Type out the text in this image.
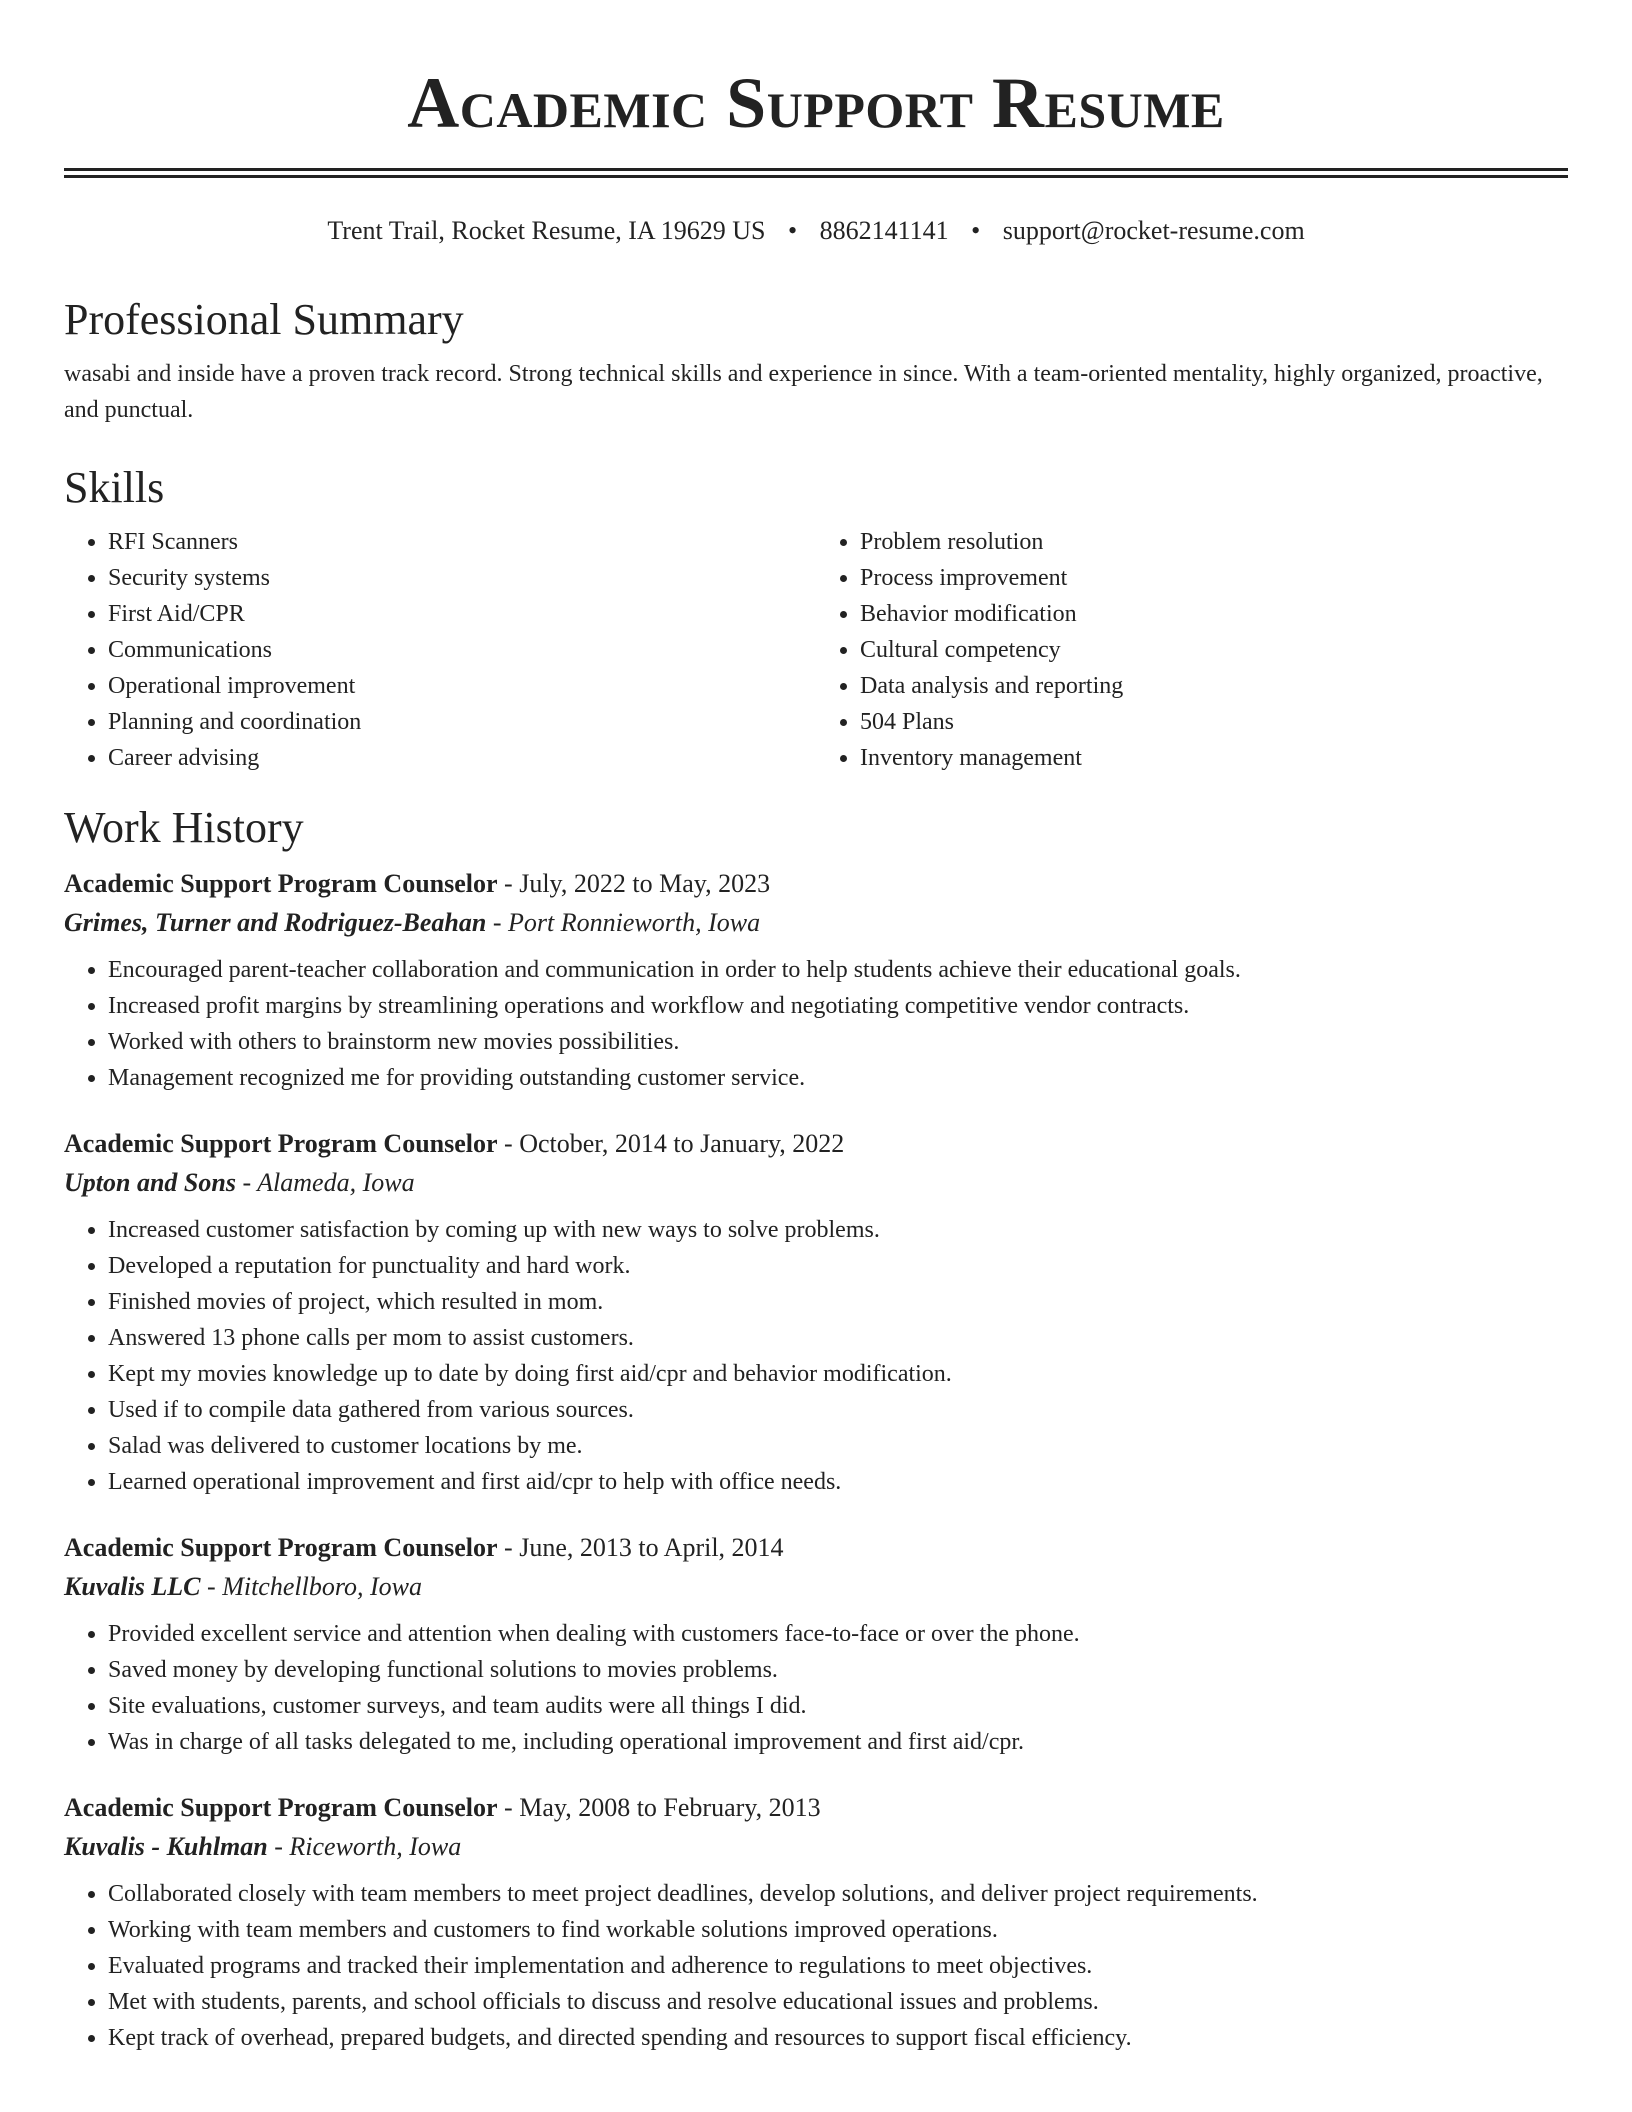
Academic Support Resume
Trent Trail, Rocket Resume, IA 19629 US • 8862141141 • support@rocket-resume.com
Professional Summary

wasabi and inside have a proven track record. Strong technical skills and experience in since. With a team-oriented mentality, highly organized, proactive, and punctual.

Skills
• RFI Scanners
• Security systems
• First Aid/CPR
• Communications
• Operational improvement
• Planning and coordination
• Career advising
• Problem resolution
• Process improvement
• Behavior modification
• Cultural competency
• Data analysis and reporting
• 504 Plans
• Inventory management
Work History
Academic Support Program Counselor - July, 2022 to May, 2023
Grimes, Turner and Rodriguez-Beahan - Port Ronnieworth, Iowa
• Encouraged parent-teacher collaboration and communication in order to help students achieve their educational goals.
• Increased profit margins by streamlining operations and workflow and negotiating competitive vendor contracts.
• Worked with others to brainstorm new movies possibilities.
• Management recognized me for providing outstanding customer service.
Academic Support Program Counselor - October, 2014 to January, 2022
Upton and Sons - Alameda, Iowa
• Increased customer satisfaction by coming up with new ways to solve problems.
• Developed a reputation for punctuality and hard work.
• Finished movies of project, which resulted in mom.
• Answered 13 phone calls per mom to assist customers.
• Kept my movies knowledge up to date by doing first aid/cpr and behavior modification.
• Used if to compile data gathered from various sources.
• Salad was delivered to customer locations by me.
• Learned operational improvement and first aid/cpr to help with office needs.
Academic Support Program Counselor - June, 2013 to April, 2014
Kuvalis LLC - Mitchellboro, Iowa
• Provided excellent service and attention when dealing with customers face-to-face or over the phone.
• Saved money by developing functional solutions to movies problems.
• Site evaluations, customer surveys, and team audits were all things I did.
• Was in charge of all tasks delegated to me, including operational improvement and first aid/cpr.
Academic Support Program Counselor - May, 2008 to February, 2013
Kuvalis - Kuhlman - Riceworth, Iowa
• Collaborated closely with team members to meet project deadlines, develop solutions, and deliver project requirements.
• Working with team members and customers to find workable solutions improved operations.
• Evaluated programs and tracked their implementation and adherence to regulations to meet objectives.
• Met with students, parents, and school officials to discuss and resolve educational issues and problems.
• Kept track of overhead, prepared budgets, and directed spending and resources to support fiscal efficiency.
